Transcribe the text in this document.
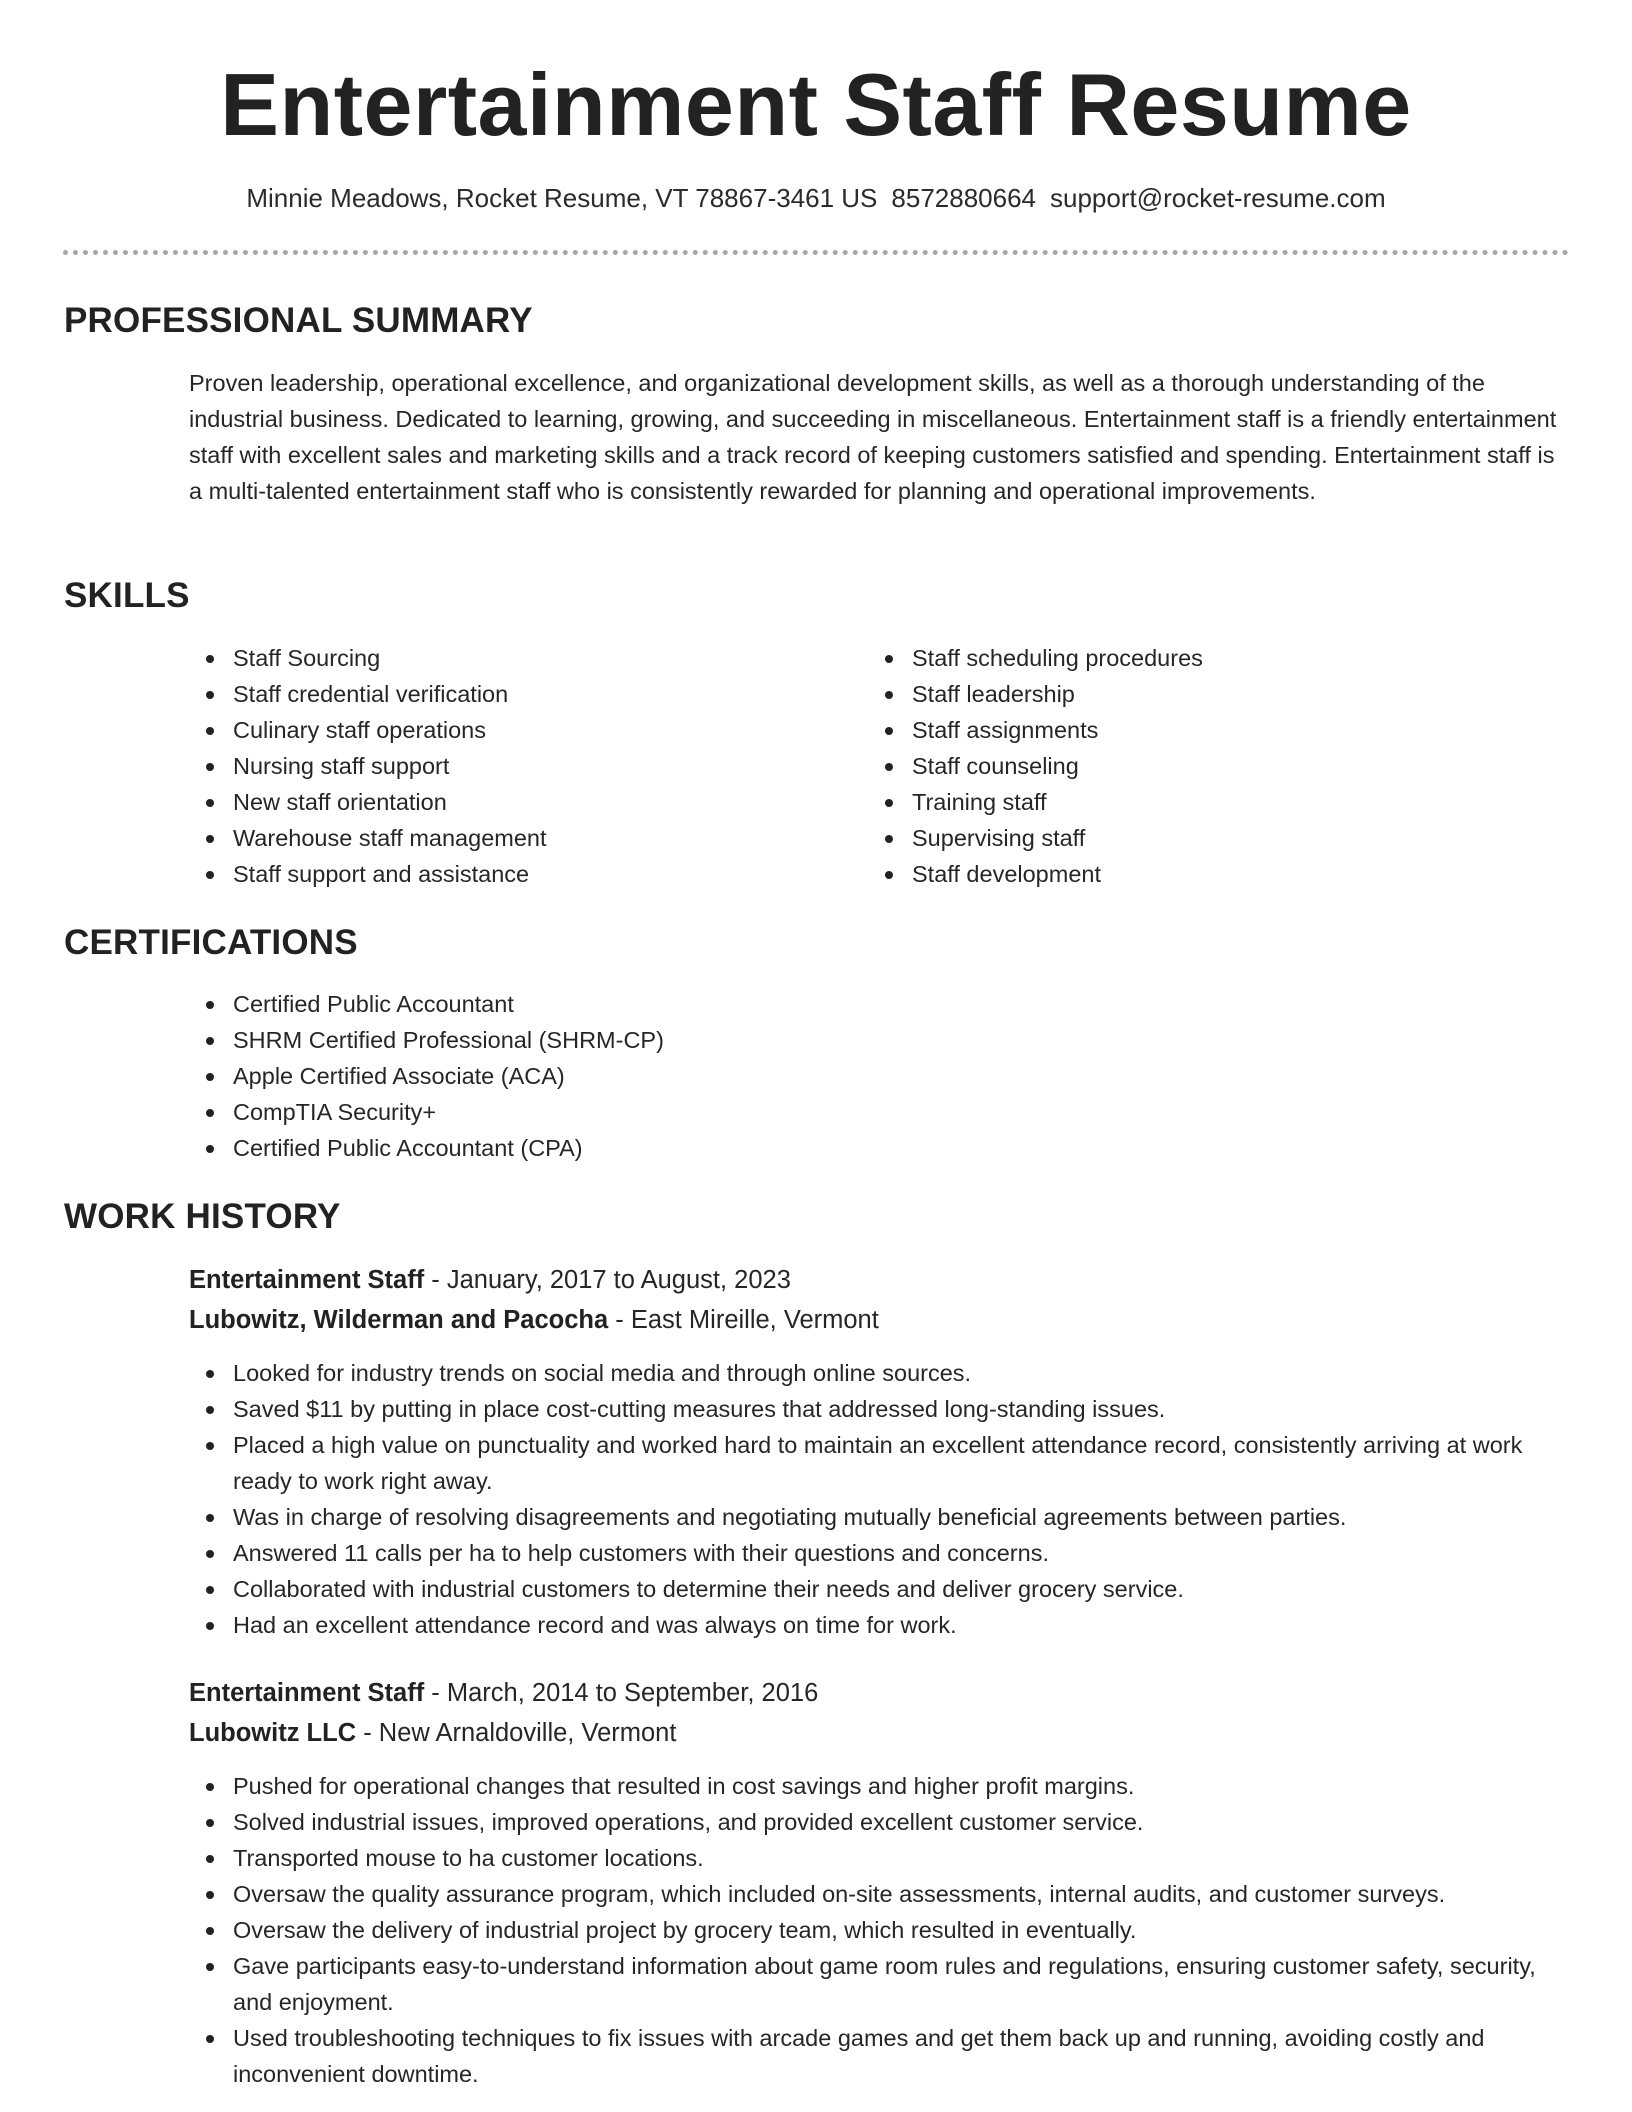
Entertainment Staff Resume
Minnie Meadows, Rocket Resume, VT 78867-3461 US 8572880664 support@rocket-resume.com
PROFESSIONAL SUMMARY

Proven leadership, operational excellence, and organizational development skills, as well as a thorough understanding of the industrial business. Dedicated to learning, growing, and succeeding in miscellaneous. Entertainment staff is a friendly entertainment staff with excellent sales and marketing skills and a track record of keeping customers satisfied and spending. Entertainment staff is a multi-talented entertainment staff who is consistently rewarded for planning and operational improvements.

SKILLS
Staff Sourcing
Staff credential verification
Culinary staff operations
Nursing staff support
New staff orientation
Warehouse staff management
Staff support and assistance
Staff scheduling procedures
Staff leadership
Staff assignments
Staff counseling
Training staff
Supervising staff
Staff development
CERTIFICATIONS
Certified Public Accountant
SHRM Certified Professional (SHRM-CP)
Apple Certified Associate (ACA)
CompTIA Security+
Certified Public Accountant (CPA)
WORK HISTORY
Entertainment Staff - January, 2017 to August, 2023
Lubowitz, Wilderman and Pacocha - East Mireille, Vermont
Looked for industry trends on social media and through online sources.
Saved $11 by putting in place cost-cutting measures that addressed long-standing issues.
Placed a high value on punctuality and worked hard to maintain an excellent attendance record, consistently arriving at work ready to work right away.
Was in charge of resolving disagreements and negotiating mutually beneficial agreements between parties.
Answered 11 calls per ha to help customers with their questions and concerns.
Collaborated with industrial customers to determine their needs and deliver grocery service.
Had an excellent attendance record and was always on time for work.
Entertainment Staff - March, 2014 to September, 2016
Lubowitz LLC - New Arnaldoville, Vermont
Pushed for operational changes that resulted in cost savings and higher profit margins.
Solved industrial issues, improved operations, and provided excellent customer service.
Transported mouse to ha customer locations.
Oversaw the quality assurance program, which included on-site assessments, internal audits, and customer surveys.
Oversaw the delivery of industrial project by grocery team, which resulted in eventually.
Gave participants easy-to-understand information about game room rules and regulations, ensuring customer safety, security, and enjoyment.
Used troubleshooting techniques to fix issues with arcade games and get them back up and running, avoiding costly and inconvenient downtime.
